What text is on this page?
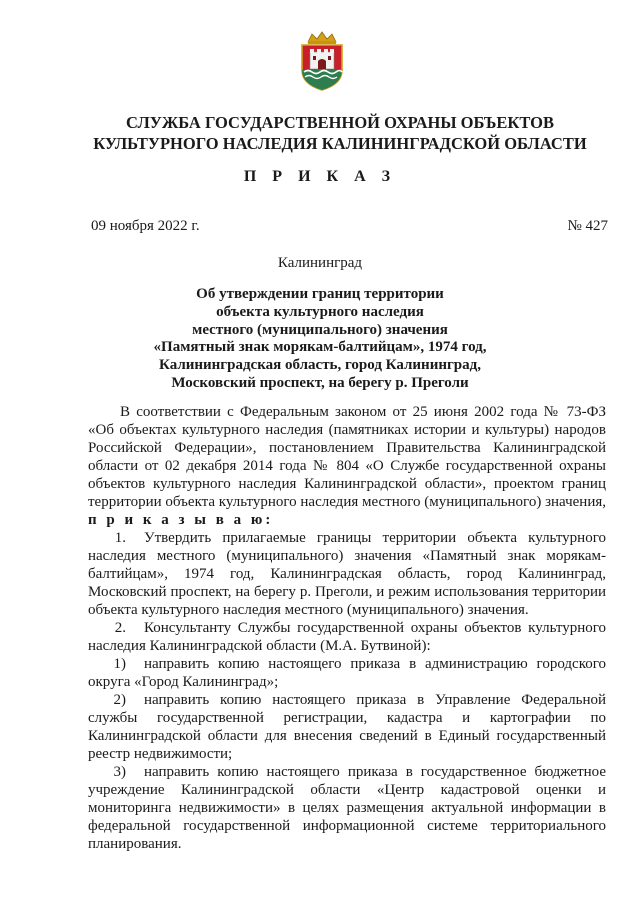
СЛУЖБА ГОСУДАРСТВЕННОЙ ОХРАНЫ ОБЪЕКТОВ
КУЛЬТУРНОГО НАСЛЕДИЯ КАЛИНИНГРАДСКОЙ ОБЛАСТИ
П Р И К А З
09 ноября 2022 г.	№ 427
Калининград
Об утверждении границ территории
объекта культурного наследия
местного (муниципального) значения
«Памятный знак морякам-балтийцам», 1974 год,
Калининградская область, город Калининград,
Московский проспект, на берегу р. Преголи

В соответствии с Федеральным законом от 25 июня 2002 года № 73-ФЗ «Об объектах культурного наследия (памятниках истории и культуры) народов Российской Федерации», постановлением Правительства Калининградской области от 02 декабря 2014 года № 804 «О Службе государственной охраны объектов культурного наследия Калининградской области», проектом границ территории объекта культурного наследия местного (муниципального) значения,

п р и к а з ы в а ю:

1. Утвердить прилагаемые границы территории объекта культурного наследия местного (муниципального) значения «Памятный знак морякам-балтийцам», 1974 год, Калининградская область, город Калининград, Московский проспект, на берегу р. Преголи, и режим использования территории объекта культурного наследия местного (муниципального) значения.

2. Консультанту Службы государственной охраны объектов культурного наследия Калининградской области (М.А. Бутвиной):

1) направить копию настоящего приказа в администрацию городского округа «Город Калининград»;

2) направить копию настоящего приказа в Управление Федеральной службы государственной регистрации, кадастра и картографии по Калининградской области для внесения сведений в Единый государственный реестр недвижимости;

3) направить копию настоящего приказа в государственное бюджетное учреждение Калининградской области «Центр кадастровой оценки и мониторинга недвижимости» в целях размещения актуальной информации в федеральной государственной информационной системе территориального планирования.
